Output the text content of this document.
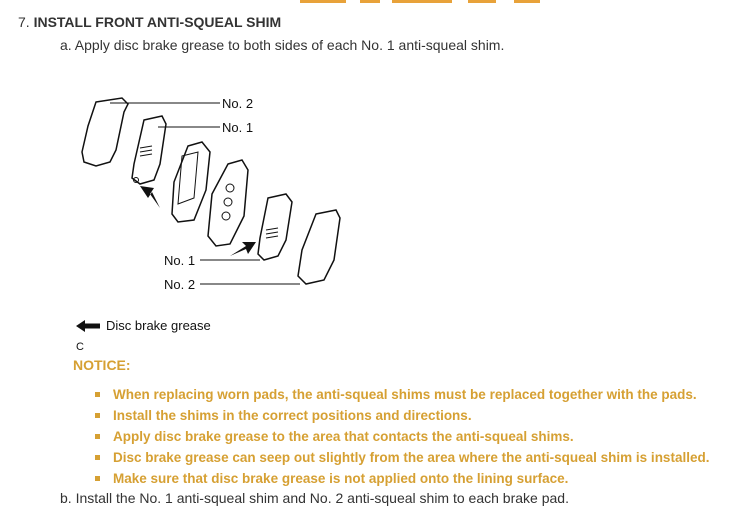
7. INSTALL FRONT ANTI-SQUEAL SHIM
a. Apply disc brake grease to both sides of each No. 1 anti-squeal shim.
No. 2
No. 1
No. 1
No. 2
Disc brake grease
C
NOTICE:
When replacing worn pads, the anti-squeal shims must be replaced together with the pads.
Install the shims in the correct positions and directions.
Apply disc brake grease to the area that contacts the anti-squeal shims.
Disc brake grease can seep out slightly from the area where the anti-squeal shim is installed.
Make sure that disc brake grease is not applied onto the lining surface.
b. Install the No. 1 anti-squeal shim and No. 2 anti-squeal shim to each brake pad.
